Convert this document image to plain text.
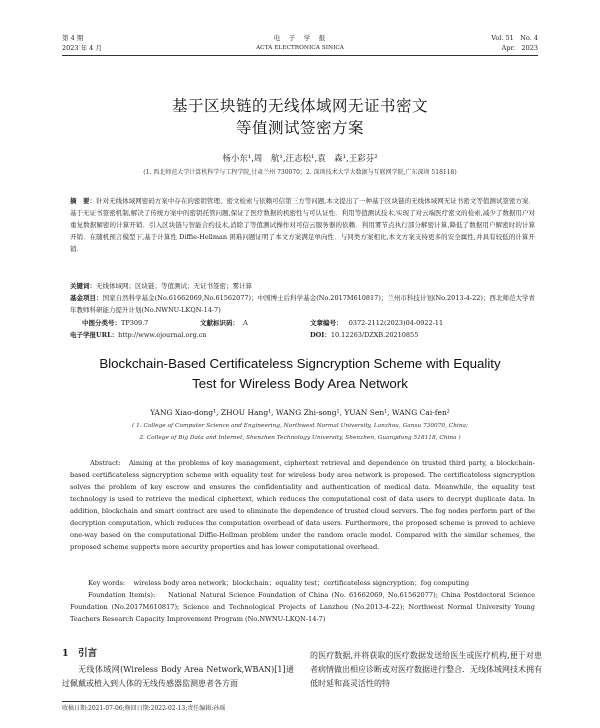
第 4 期
2023 年 4 月
电　子　学　报
ACTA ELECTRONICA SINICA
Vol. 51　No. 4
Apr.　2023
基于区块链的无线体域网无证书密文
等值测试签密方案
杨小东¹,周　航¹,汪志松¹,袁　森¹,王彩芬²
(1. 西北师范大学计算机科学与工程学院,甘肃兰州 730070；2. 深圳技术大学大数据与互联网学院,广东深圳 518118)
摘　要：针对无线体域网密码方案中存在的密钥管理、密文检索与依赖可信第三方等问题,本文提出了一种基于区块链的无线体域网无证书密文等值测试签密方案．基于无证书签密机制,解决了传统方案中的密钥托管问题,保证了医疗数据的机密性与可认证性．利用等值测试技术,实现了对云端医疗密文的检索,减少了数据用户对重复数据解密的计算开销．引入区块链与智能合约技术,消除了等值测试操作对可信云服务器的依赖．利用雾节点执行部分解密计算,降低了数据用户解密时的计算开销．在随机预言模型下,基于计算性 Diffie-Hellman 困难问题证明了本文方案满足单向性．与同类方案相比,本文方案支持更多的安全属性,并具有较低的计算开销．
关键词：无线体域网；区块链；等值测试；无证书签密；雾计算
基金项目：国家自然科学基金(No.61662069,No.61562077)；中国博士后科学基金(No.2017M610817)；兰州市科技计划(No.2013-4-22)；西北师范大学青年教师科研能力提升计划(No.NWNU-LKQN-14-7)
中图分类号：TP309.7	文献标识码： A	文章编号： 0372-2112(2023)04-0922-11
电子学报URL：http://www.ejournal.org.cn	DOI：10.12263/DZXB.20210855
Blockchain-Based Certificateless Signcryption Scheme with Equality
Test for Wireless Body Area Network
YANG Xiao-dong¹, ZHOU Hang¹, WANG Zhi-song¹, YUAN Sen¹, WANG Cai-fen²
( 1. College of Computer Science and Engineering, Northwest Normal University, Lanzhou, Gansu 730070, China;
2. College of Big Data and Internet, Shenzhen Technology University, Shenzhen, Guangdong 518118, China )
Abstract: Aiming at the problems of key management, ciphertext retrieval and dependence on trusted third party, a blockchain-based certificateless signcryption scheme with equality test for wireless body area network is proposed. The certificateless signcryption solves the problem of key escrow and ensures the confidentiality and authentication of medical data. Meanwhile, the equality test technology is used to retrieve the medical ciphertext, which reduces the computational cost of data users to decrypt duplicate data. In addition, blockchain and smart contract are used to eliminate the dependence of trusted cloud servers. The fog nodes perform part of the decryption computation, which reduces the computation overhead of data users. Furthermore, the proposed scheme is proved to achieve one-way based on the computational Diffie-Hellman problem under the random oracle model. Compared with the similar schemes, the proposed scheme supports more security properties and has lower computational overhead.
Key words: wireless body area network；blockchain；equality test；certificateless signcryption；fog computing
Foundation Item(s): National Natural Science Foundation of China (No. 61662069, No.61562077); China Postdoctoral Science Foundation (No.2017M610817); Science and Technological Projects of Lanzhou (No.2013-4-22); Northwest Normal University Young Teachers Research Capacity Improvement Program (No.NWNU-LKQN-14-7)
1　引言
无线体域网(Wireless Body Area Network,WBAN)[1]通过佩戴或植入到人体的无线传感器监测患者各方面
的医疗数据,并将获取的医疗数据发送给医生或医疗机构,便于对患者病情做出相应诊断或对医疗数据进行整合．无线体域网技术拥有低时延和高灵活性的特
收稿日期:2021-07-06;修回日期:2022-02-13;责任编辑:孙瑶
